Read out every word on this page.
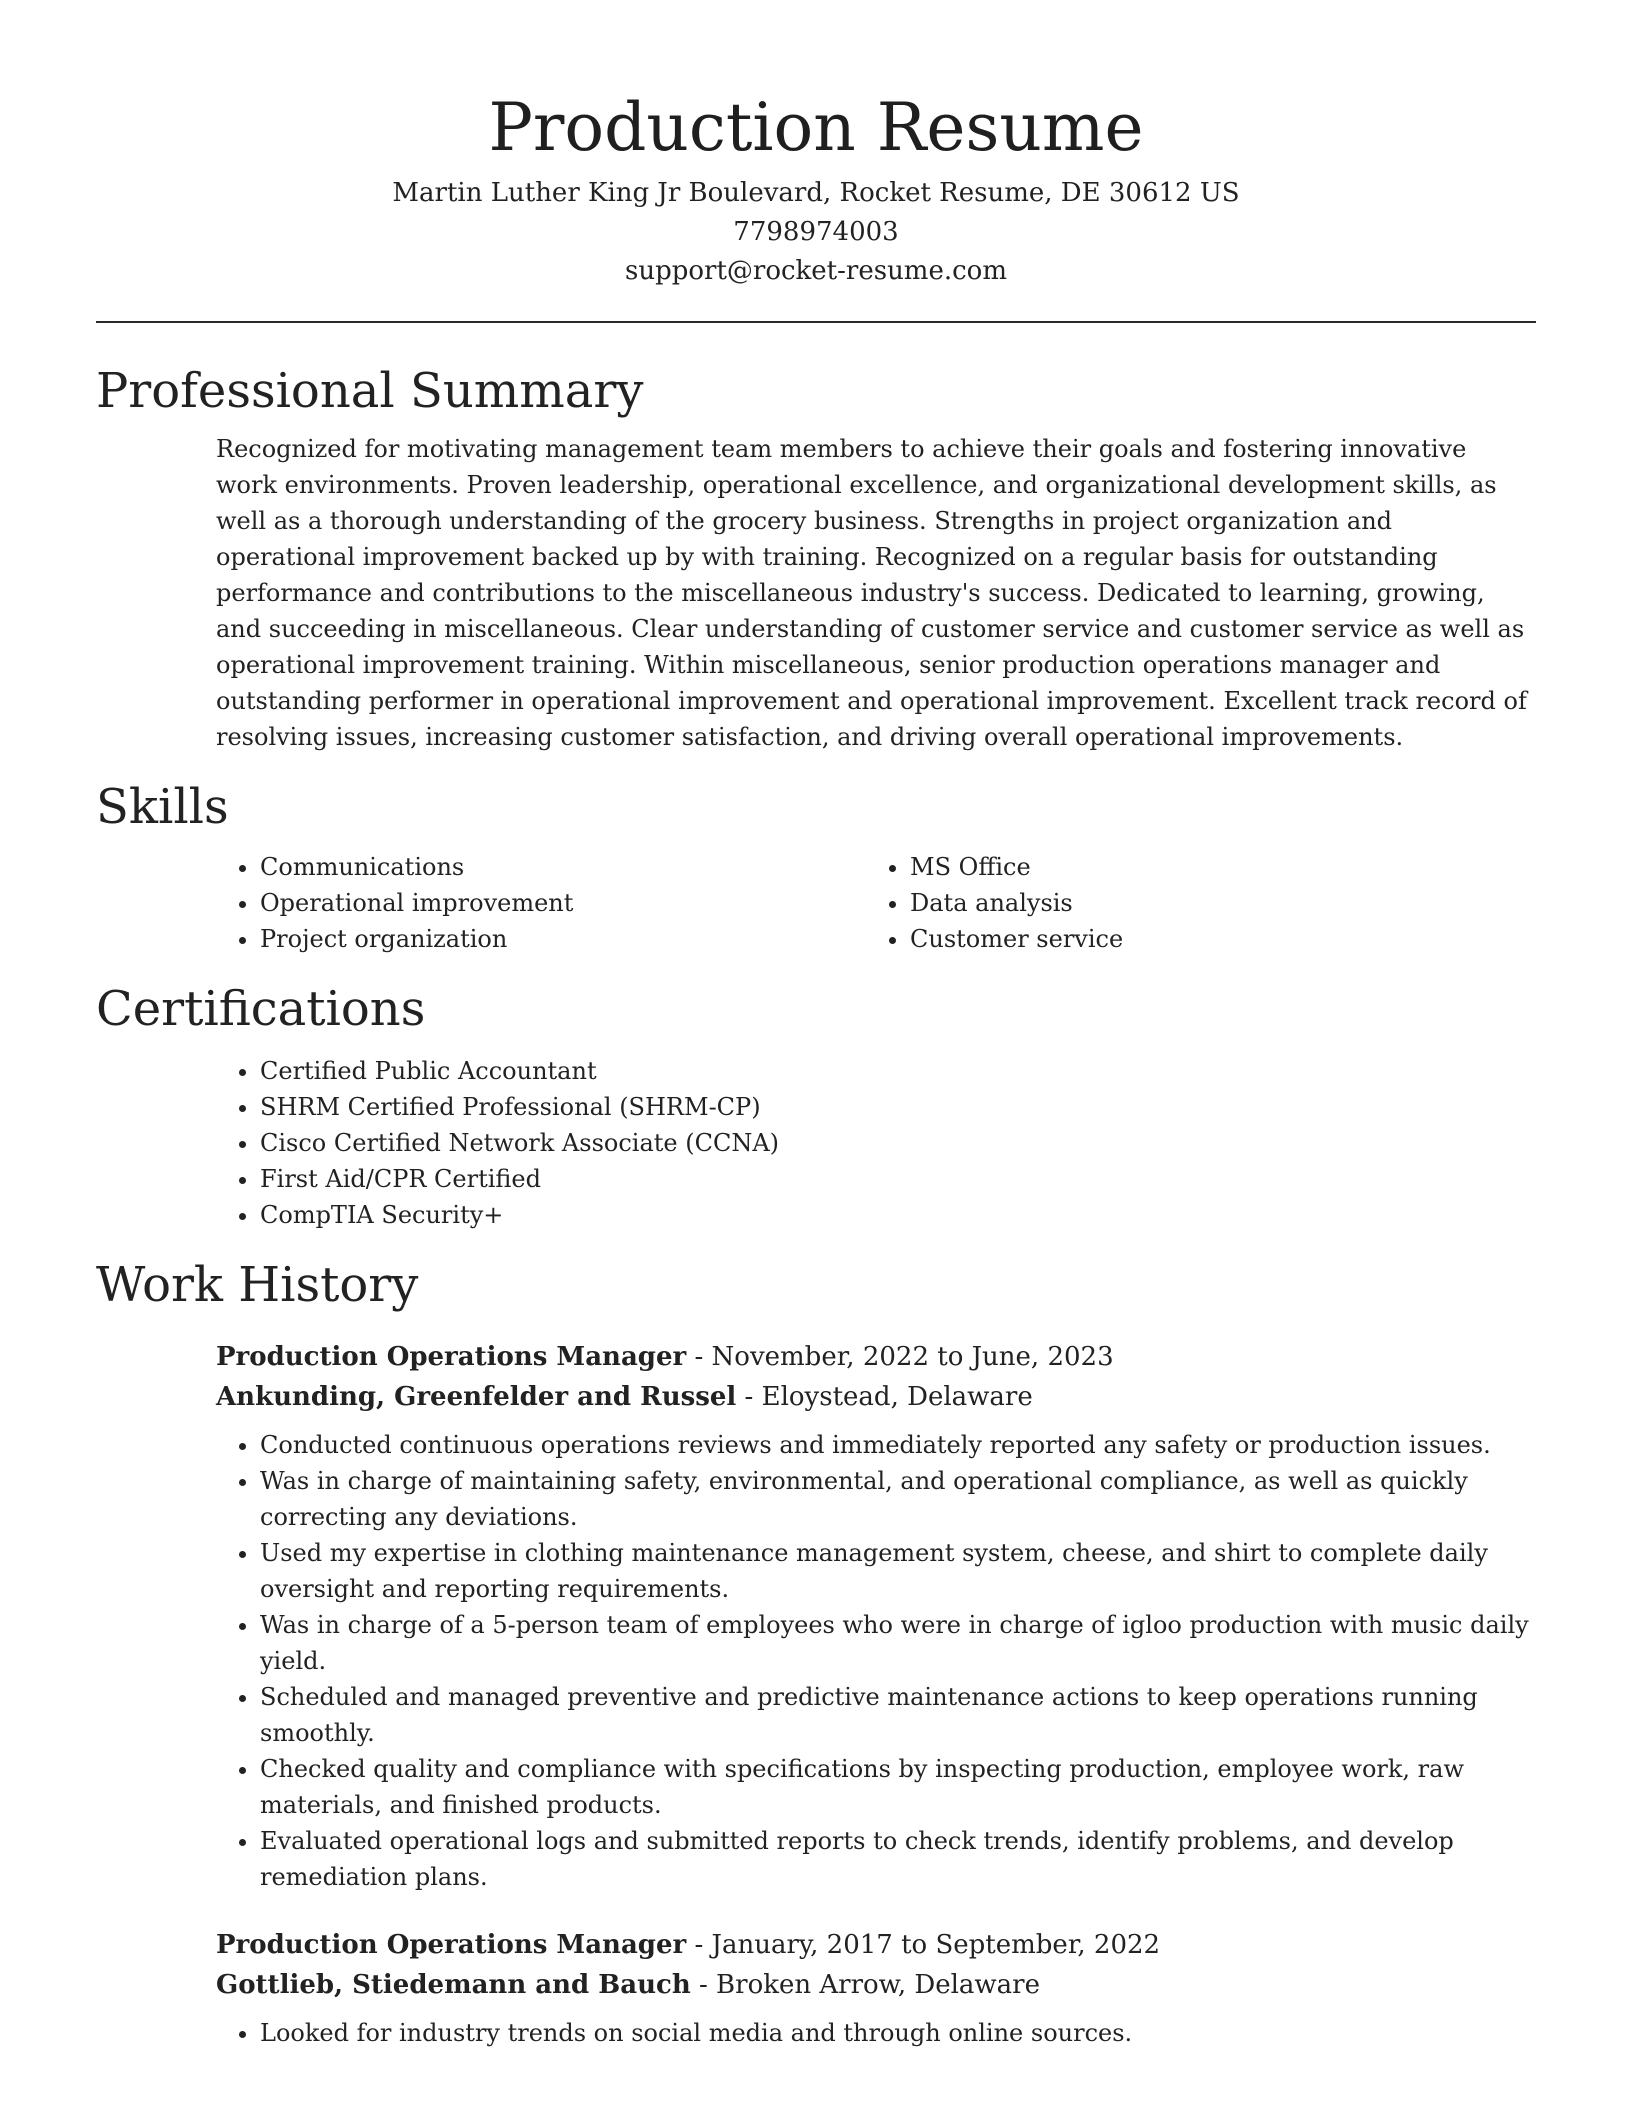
Production Resume

Martin Luther King Jr Boulevard, Rocket Resume, DE 30612 US

7798974003

support@rocket-resume.com

Professional Summary

Recognized for motivating management team members to achieve their goals and fostering innovative work environments. Proven leadership, operational excellence, and organizational development skills, as well as a thorough understanding of the grocery business. Strengths in project organization and operational improvement backed up by with training. Recognized on a regular basis for outstanding performance and contributions to the miscellaneous industry's success. Dedicated to learning, growing, and succeeding in miscellaneous. Clear understanding of customer service and customer service as well as operational improvement training. Within miscellaneous, senior production operations manager and outstanding performer in operational improvement and operational improvement. Excellent track record of resolving issues, increasing customer satisfaction, and driving overall operational improvements.

Skills
• Communications
• Operational improvement
• Project organization
• MS Office
• Data analysis
• Customer service
Certifications
• Certified Public Accountant
• SHRM Certified Professional (SHRM-CP)
• Cisco Certified Network Associate (CCNA)
• First Aid/CPR Certified
• CompTIA Security+
Work History

Production Operations Manager - November, 2022 to June, 2023

Ankunding, Greenfelder and Russel - Eloystead, Delaware

• Conducted continuous operations reviews and immediately reported any safety or production issues.
• Was in charge of maintaining safety, environmental, and operational compliance, as well as quickly correcting any deviations.
• Used my expertise in clothing maintenance management system, cheese, and shirt to complete daily oversight and reporting requirements.
• Was in charge of a 5-person team of employees who were in charge of igloo production with music daily yield.
• Scheduled and managed preventive and predictive maintenance actions to keep operations running smoothly.
• Checked quality and compliance with specifications by inspecting production, employee work, raw materials, and finished products.
• Evaluated operational logs and submitted reports to check trends, identify problems, and develop remediation plans.

Production Operations Manager - January, 2017 to September, 2022

Gottlieb, Stiedemann and Bauch - Broken Arrow, Delaware

• Looked for industry trends on social media and through online sources.
